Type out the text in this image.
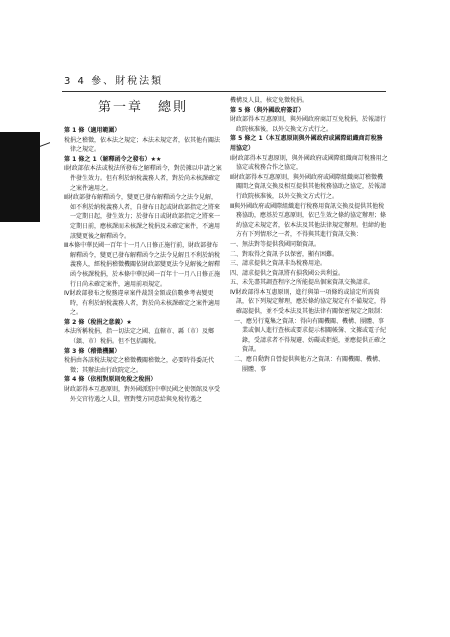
3 4 參、財稅法類
第一章　總則

第 1 條（適用範圍）

稅捐之稽徵，依本法之規定；本法未規定者，依其他有關法律之規定。

第 1 條之 1（解釋函令之發布）★★

Ⅰ財政部依本法或稅法所發布之解釋函令，對於據以申請之案件發生效力。但有利於納稅義務人者，對於尚未核課確定之案件適用之。

Ⅱ財政部發布解釋函令，變更已發布解釋函令之法令見解，如不利於納稅義務人者，自發布日起或財政部指定之將來一定期日起，發生效力；於發布日或財政部指定之將來一定期日前，應核課而未核課之稅捐及未確定案件，不適用該變更後之解釋函令。

Ⅲ本條中華民國一百年十一月八日修正施行前，財政部發布解釋函令，變更已發布解釋函令之法令見解且不利於納稅義務人，經稅捐稽徵機關依財政部變更法令見解後之解釋函令核課稅捐，於本條中華民國一百年十一月八日修正施行日尚未確定案件，適用前項規定。

Ⅳ財政部發布之稅務違章案件裁罰金額或倍數參考表變更時，有利於納稅義務人者，對於尚未核課確定之案件適用之。

第 2 條（稅捐之意義）★

本法所稱稅捐，指一切法定之國、直轄市、縣（市）及鄉（鎮、市）稅捐。但不包括關稅。

第 3 條（稽徵機關）

稅捐由各該稅法規定之稽徵機關稽徵之，必要時得委託代徵；其辦法由行政院定之。

第 4 條（依相對原則免稅之稅捐）

財政部得本互惠原則，對外國派駐中華民國之使領館及享受外交官待遇之人員，暨對雙方同意給與免稅待遇之

機構及人員，核定免徵稅捐。

第 5 條（與外國政府簽訂）

財政部得本互惠原則，與外國政府商訂互免稅捐，於報請行政院核准後，以外交換文方式行之。

第 5 條之 1（本互惠原則與外國政府或國際組織商訂稅務用協定）

Ⅰ財政部得本互惠原則，與外國政府或國際組織商訂稅務用之協定或稅務合作之協定，

Ⅱ財政部得本互惠原則，與外國政府或國際組織商訂稽徵機關間之資訊交換及相互提供其他稅務協助之協定，於報請行政院核准後，以外交換文方式行之。

Ⅲ與外國政府或國際組織進行稅務用資訊交換及提供其他稅務協助，應基於互惠原則，依已生效之條約協定辦理；條約協定未規定者，依本法及其他法律規定辦理。但締約他方有下列情形之一者，不得與其進行資訊交換：

一、無法對等提供我國同類資訊。

二、對取得之資訊予以保密，顯有困難。

三、請求提供之資訊非為稅務用途。

四、請求提供之資訊將有損我國公共利益。

五、未先盡其調查程序之所能提出個案資訊交換請求。

Ⅳ財政部得本互惠原則，進行與第一項條約或協定所需資訊，依下列規定辦理，應於條約協定規定有不備規定，得確認提供，並不受本法及其他法律有關保密規定之限制：

一、應另行蒐集之資訊：得向有關機關、機構、團體、事業或個人進行查核或要求提示相關帳簿、文據或電子紀錄，受請求者不得規避、妨礙或拒絕，並應提供正確之資訊。

二、應自動對自營提供與他方之資訊：有關機關、機構、團體、事
